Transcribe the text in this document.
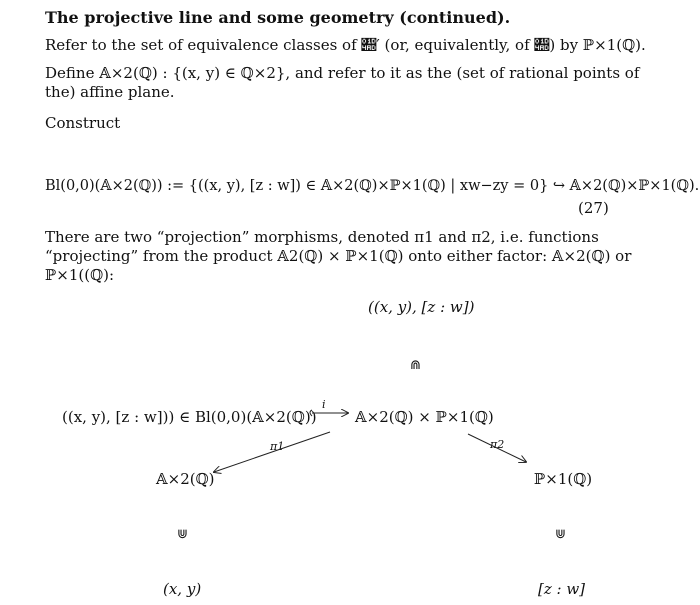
The projective line and some geometry (continued).
Refer to the set of equivalence classes of 𝒭′ (or, equivalently, of 𝒭) by ℙ×1(ℚ).
Define 𝔸×2(ℚ) : {(x, y) ∈ ℚ×2}, and refer to it as the (set of rational points of the) affine plane.
Construct
Bl(0,0)(𝔸×2(ℚ)) := {((x, y), [z : w]) ∈ 𝔸×2(ℚ)×ℙ×1(ℚ) | xw−zy = 0} ↪ 𝔸×2(ℚ)×ℙ×1(ℚ).
(27)
There are two “projection” morphisms, denoted π1 and π2, i.e. functions “projecting” from the product 𝔸2(ℚ) × ℙ×1(ℚ) onto either factor: 𝔸×2(ℚ) or ℙ×1((ℚ):
((x, y), [z : w])
⋒
((x, y), [z : w])) ∈ Bl(0,0)(𝔸×2(ℚ))
i
𝔸×2(ℚ) × ℙ×1(ℚ)
π1	π2
𝔸×2(ℚ)	ℙ×1(ℚ)
⋓	⋓
(x, y)	[z : w]
